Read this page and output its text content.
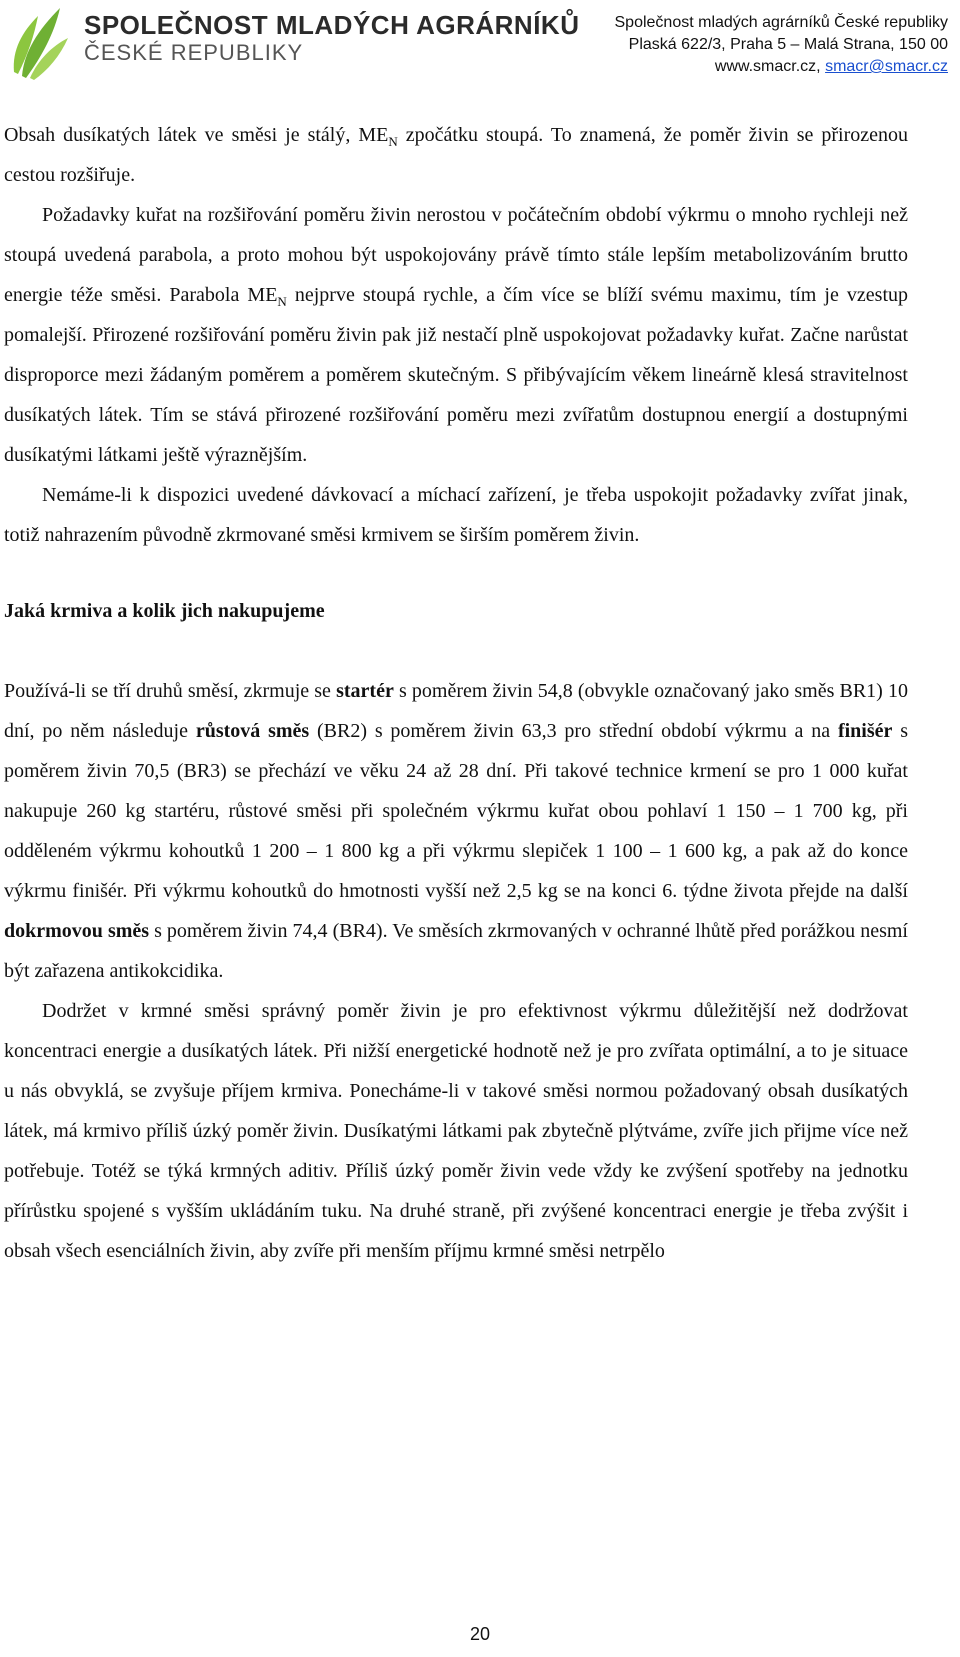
SPOLEČNOST MLADÝCH AGRÁRNÍKŮ
ČESKÉ REPUBLIKY
Společnost mladých agrárníků České republiky
Plaská 622/3, Praha 5 – Malá Strana, 150 00
www.smacr.cz, smacr@smacr.cz

Obsah dusíkatých látek ve směsi je stálý, $ME_N$ zpočátku stoupá. To znamená, že poměr živin se přirozenou cestou rozšiřuje.

Požadavky kuřat na rozšiřování poměru živin nerostou v počátečním období výkrmu o mnoho rychleji než stoupá uvedená parabola, a proto mohou být uspokojovány právě tímto stále lepším metabolizováním brutto energie téže směsi. Parabola $ME_N$ nejprve stoupá rychle, a čím více se blíží svému maximu, tím je vzestup pomalejší. Přirozené rozšiřování poměru živin pak již nestačí plně uspokojovat požadavky kuřat. Začne narůstat disproporce mezi žádaným poměrem a poměrem skutečným. S přibývajícím věkem lineárně klesá stravitelnost dusíkatých látek. Tím se stává přirozené rozšiřování poměru mezi zvířatům dostupnou energií a dostupnými dusíkatými látkami ještě výraznějším.

Nemáme-li k dispozici uvedené dávkovací a míchací zařízení, je třeba uspokojit požadavky zvířat jinak, totiž nahrazením původně zkrmované směsi krmivem se širším poměrem živin.

Jaká krmiva a kolik jich nakupujeme

Používá-li se tří druhů směsí, zkrmuje se startér s poměrem živin 54,8 (obvykle označovaný jako směs BR1) 10 dní, po něm následuje růstová směs (BR2) s poměrem živin 63,3 pro střední období výkrmu a na finišér s poměrem živin 70,5 (BR3) se přechází ve věku 24 až 28 dní. Při takové technice krmení se pro 1 000 kuřat nakupuje 260 kg startéru, růstové směsi při společném výkrmu kuřat obou pohlaví 1 150 – 1 700 kg, při odděleném výkrmu kohoutků 1 200 – 1 800 kg a při výkrmu slepiček 1 100 – 1 600 kg, a pak až do konce výkrmu finišér. Při výkrmu kohoutků do hmotnosti vyšší než 2,5 kg se na konci 6. týdne života přejde na další dokrmovou směs s poměrem živin 74,4 (BR4). Ve směsích zkrmovaných v ochranné lhůtě před porážkou nesmí být zařazena antikokcidika.

Dodržet v krmné směsi správný poměr živin je pro efektivnost výkrmu důležitější než dodržovat koncentraci energie a dusíkatých látek. Při nižší energetické hodnotě než je pro zvířata optimální, a to je situace u nás obvyklá, se zvyšuje příjem krmiva. Ponecháme-li v takové směsi normou požadovaný obsah dusíkatých látek, má krmivo příliš úzký poměr živin. Dusíkatými látkami pak zbytečně plýtváme, zvíře jich přijme více než potřebuje. Totéž se týká krmných aditiv. Příliš úzký poměr živin vede vždy ke zvýšení spotřeby na jednotku přírůstku spojené s vyšším ukládáním tuku. Na druhé straně, při zvýšené koncentraci energie je třeba zvýšit i obsah všech esenciálních živin, aby zvíře při menším příjmu krmné směsi netrpělo

20
